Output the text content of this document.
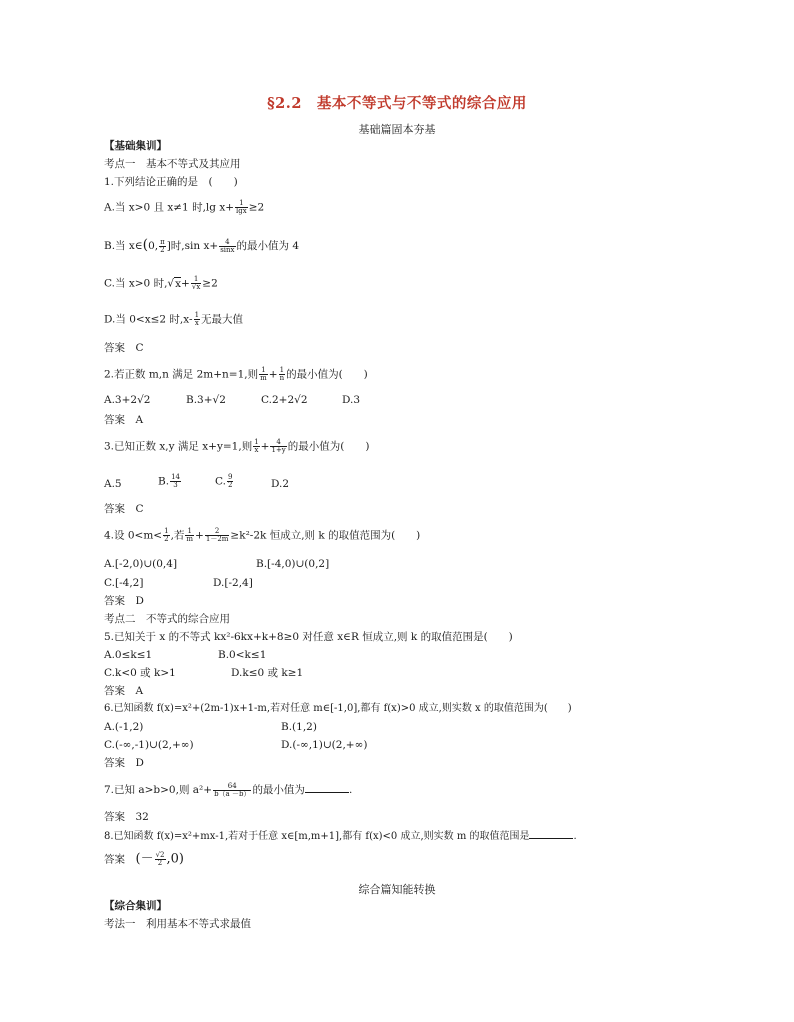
§2.2　基本不等式与不等式的综合应用
基础篇固本夯基
【基础集训】
考点一　基本不等式及其应用
1.下列结论正确的是　(　　)
A.当 x>0 且 x≠1 时,lg $x+ \frac{1}{\lg x} \ge 2$
B.当 x∈(0, $\frac{\pi}{2}$ ]时,sin $x+ \frac{4}{\sin x}$ 的最小值为 4
C.当 x>0 时$,√x+ \frac{1}{√x} \ge 2$
D.当 0<x≤2 时$,x- \frac{1}{x}$ 无最大值
答案　C
2.若正数 m,n 满足 2m+n=1,则 $\frac{1}{m} + \frac{1}{n}$ 的最小值为(　　)
A.3+2√2	B.3+√2	C.2+2√2	D.3
答案　A
3.已知正数 x,y 满足 x+y=1,则 $\frac{1}{x} + \frac{4}{1+y}$ 的最小值为(　　)
A.5	B. $\frac{14}{3}$	C. $\frac{9}{2}$	D.2
答案　C
4.设 $0<m< \frac{1}{2}$ ,若 $\frac{1}{m} + \frac{2}{1-2m} \ge k^2-2k$ 恒成立,则 k 的取值范围为(　　)
A.[-2,0)∪(0,4]	B.[-4,0)∪(0,2]
C.[-4,2]	D.[-2,4]
答案　D
考点二　不等式的综合应用
5.已知关于 x 的不等式 kx²-6kx+k+8≥0 对任意 x∈R 恒成立,则 k 的取值范围是(　　)
A.0≤k≤1	B.0<k≤1
C.k<0 或 k>1	D.k≤0 或 k≥1
答案　A
6.已知函数 f(x)=x²+(2m-1)x+1-m,若对任意 m∈[-1,0],都有 f(x)>0 成立,则实数 x 的取值范围为(　　)
A.(-1,2)	B.(1,2)
C.(-∞,-1)∪(2,+∞)	D.(-∞,1)∪(2,+∞)
答案　D
7.已知 a>b>0,则 $a^2+ \frac{64}{b(a -b)}$ 的最小值为	.
答案　32
8.已知函数 f(x)=x²+mx-1,若对于任意 x∈[m,m+1],都有 f(x)<0 成立,则实数 m 的取值范围是	.
答案　(－ $\frac{√2}{2} ,0$)
综合篇知能转换
【综合集训】
考法一　利用基本不等式求最值
